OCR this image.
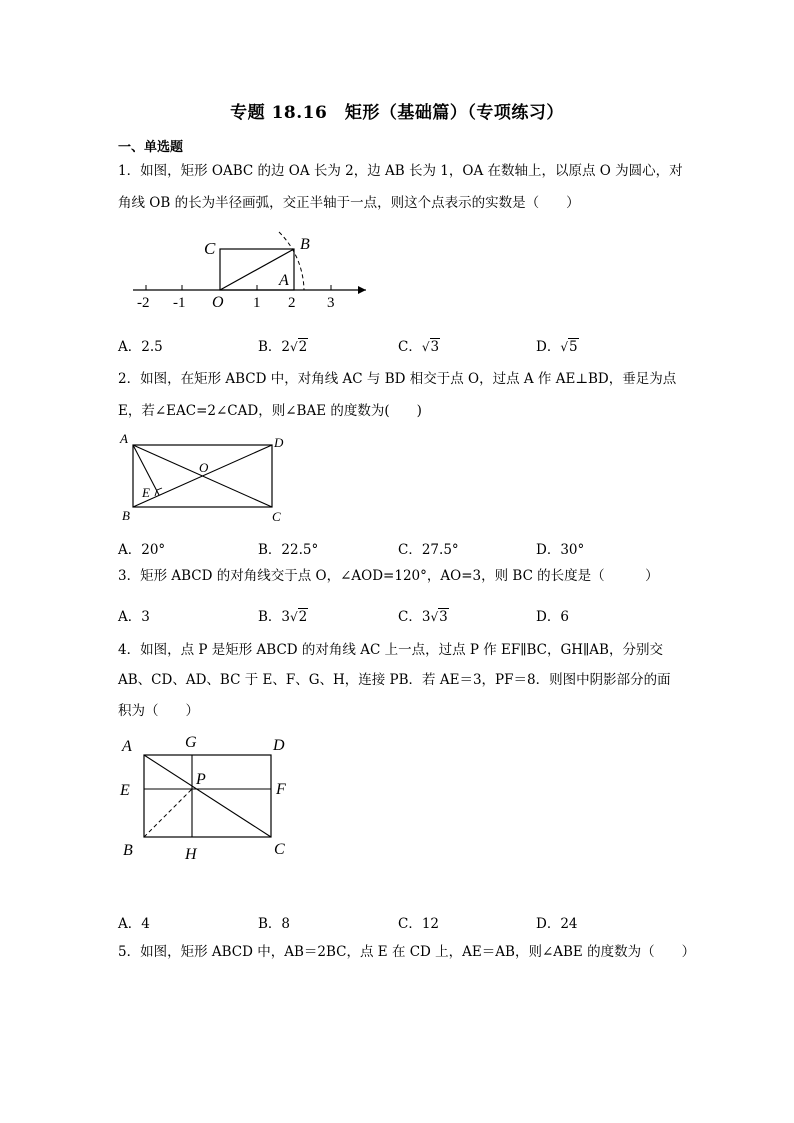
专题 18.16　矩形（基础篇）（专项练习）
一、单选题
1．如图，矩形 OABC 的边 OA 长为 2，边 AB 长为 1，OA 在数轴上，以原点 O 为圆心，对
角线 OB 的长为半径画弧，交正半轴于一点，则这个点表示的实数是（　　）
-2 -1 O 1 2 3
C	B
A
A．2.5	B．2√2	C．√3	D．√5
2．如图，在矩形 ABCD 中，对角线 AC 与 BD 相交于点 O，过点 A 作 AE⊥BD，垂足为点
E，若∠EAC=2∠CAD，则∠BAE 的度数为(　　)
A	D
O
E
B	C
A．20°	B．22.5°	C．27.5°	D．30°
3．矩形 ABCD 的对角线交于点 O，∠AOD=120°，AO=3，则 BC 的长度是（　　　）
A．3	B．3√2	C．3√3	D．6
4．如图，点 P 是矩形 ABCD 的对角线 AC 上一点，过点 P 作 EF∥BC，GH∥AB，分别交
AB、CD、AD、BC 于 E、F、G、H，连接 PB．若 AE＝3，PF＝8．则图中阴影部分的面
积为（　　）
A	G	D
E
P
F
B	H	C
A．4	B．8	C．12	D．24
5．如图，矩形 ABCD 中，AB＝2BC，点 E 在 CD 上，AE＝AB，则∠ABE 的度数为（　　）
